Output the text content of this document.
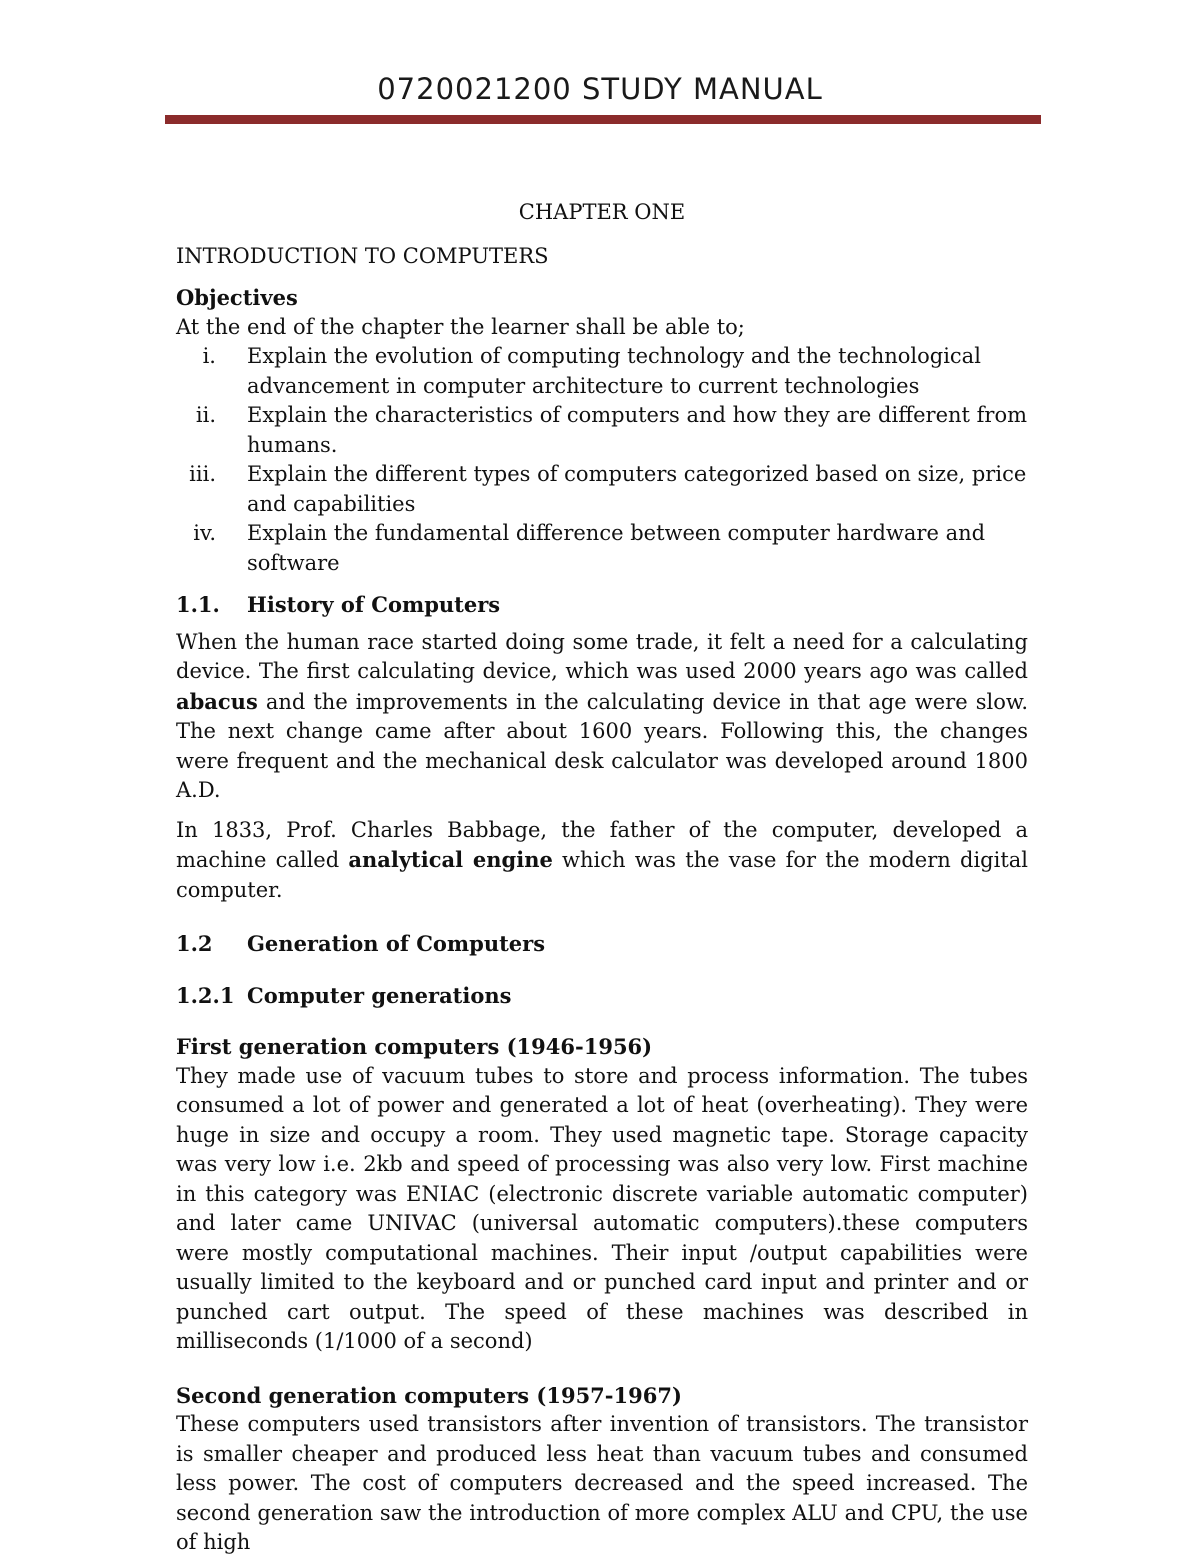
0720021200 STUDY MANUAL
CHAPTER ONE
INTRODUCTION TO COMPUTERS
Objectives
At the end of the chapter the learner shall be able to;
i. Explain the evolution of computing technology and the technological advancement in computer architecture to current technologies
ii. Explain the characteristics of computers and how they are different from humans.
iii. Explain the different types of computers categorized based on size, price and capabilities
iv. Explain the fundamental difference between computer hardware and software
1.1.	History of Computers

When the human race started doing some trade, it felt a need for a calculating device. The first calculating device, which was used 2000 years ago was called abacus and the improvements in the calculating device in that age were slow. The next change came after about 1600 years. Following this, the changes were frequent and the mechanical desk calculator was developed around 1800 A.D.

In 1833, Prof. Charles Babbage, the father of the computer, developed a machine called analytical engine which was the vase for the modern digital computer.

1.2	Generation of Computers
1.2.1 Computer generations
First generation computers (1946-1956)

They made use of vacuum tubes to store and process information. The tubes consumed a lot of power and generated a lot of heat (overheating). They were huge in size and occupy a room. They used magnetic tape. Storage capacity was very low i.e. 2kb and speed of processing was also very low. First machine in this category was ENIAC (electronic discrete variable automatic computer) and later came UNIVAC (universal automatic computers).these computers were mostly computational machines. Their input /output capabilities were usually limited to the keyboard and or punched card input and printer and or punched cart output. The speed of these machines was described in milliseconds (1/1000 of a second)

Second generation computers (1957-1967)

These computers used transistors after invention of transistors. The transistor is smaller cheaper and produced less heat than vacuum tubes and consumed less power. The cost of computers decreased and the speed increased. The second generation saw the introduction of more complex ALU and CPU, the use of high
